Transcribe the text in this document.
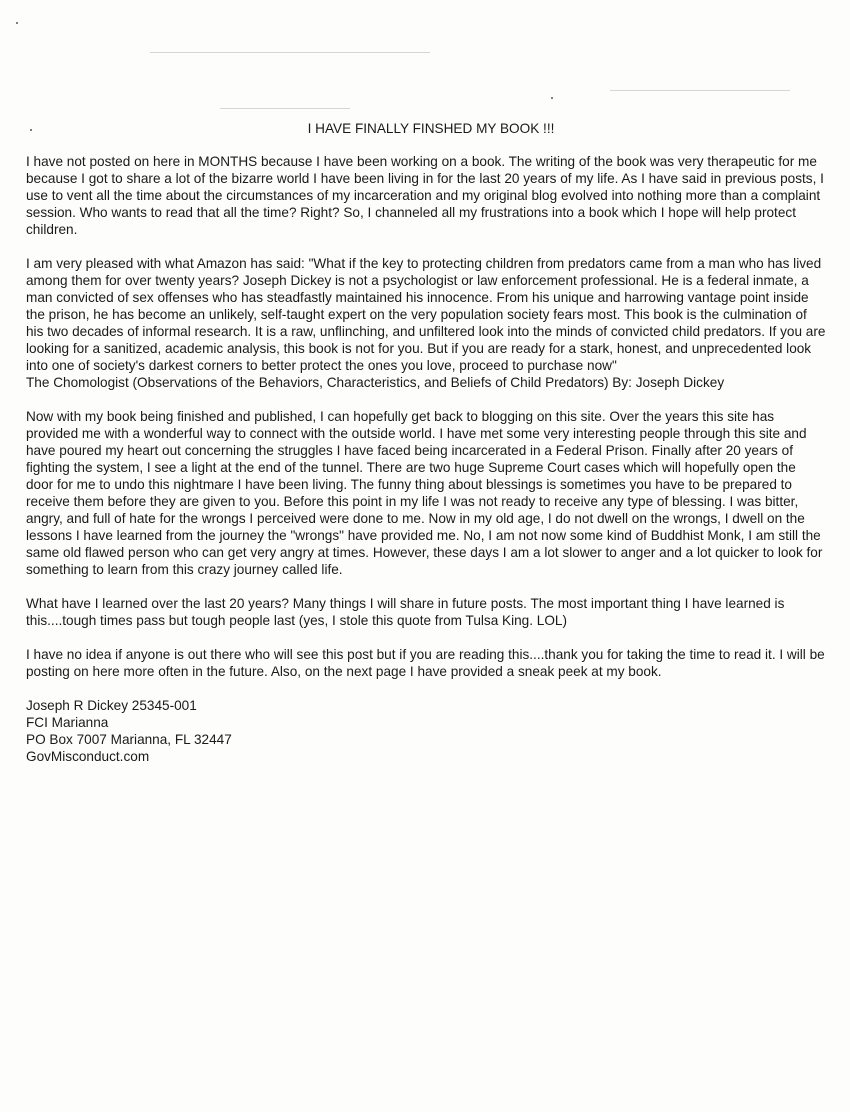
I HAVE FINALLY FINSHED MY BOOK !!!

I have not posted on here in MONTHS because I have been working on a book. The writing of the book was very therapeutic for me because I got to share a lot of the bizarre world I have been living in for the last 20 years of my life. As I have said in previous posts, I use to vent all the time about the circumstances of my incarceration and my original blog evolved into nothing more than a complaint session. Who wants to read that all the time? Right? So, I channeled all my frustrations into a book which I hope will help protect children.

I am very pleased with what Amazon has said: "What if the key to protecting children from predators came from a man who has lived among them for over twenty years? Joseph Dickey is not a psychologist or law enforcement professional. He is a federal inmate, a man convicted of sex offenses who has steadfastly maintained his innocence. From his unique and harrowing vantage point inside the prison, he has become an unlikely, self-taught expert on the very population society fears most. This book is the culmination of his two decades of informal research. It is a raw, unflinching, and unfiltered look into the minds of convicted child predators. If you are looking for a sanitized, academic analysis, this book is not for you. But if you are ready for a stark, honest, and unprecedented look into one of society's darkest corners to better protect the ones you love, proceed to purchase now"

The Chomologist (Observations of the Behaviors, Characteristics, and Beliefs of Child Predators) By: Joseph Dickey

Now with my book being finished and published, I can hopefully get back to blogging on this site. Over the years this site has provided me with a wonderful way to connect with the outside world. I have met some very interesting people through this site and have poured my heart out concerning the struggles I have faced being incarcerated in a Federal Prison. Finally after 20 years of fighting the system, I see a light at the end of the tunnel. There are two huge Supreme Court cases which will hopefully open the door for me to undo this nightmare I have been living. The funny thing about blessings is sometimes you have to be prepared to receive them before they are given to you. Before this point in my life I was not ready to receive any type of blessing. I was bitter, angry, and full of hate for the wrongs I perceived were done to me. Now in my old age, I do not dwell on the wrongs, I dwell on the lessons I have learned from the journey the "wrongs" have provided me. No, I am not now some kind of Buddhist Monk, I am still the same old flawed person who can get very angry at times. However, these days I am a lot slower to anger and a lot quicker to look for something to learn from this crazy journey called life.

What have I learned over the last 20 years? Many things I will share in future posts. The most important thing I have learned is this....tough times pass but tough people last (yes, I stole this quote from Tulsa King. LOL)

I have no idea if anyone is out there who will see this post but if you are reading this....thank you for taking the time to read it. I will be posting on here more often in the future. Also, on the next page I have provided a sneak peek at my book.

Joseph R Dickey 25345-001
FCI Marianna
PO Box 7007 Marianna, FL 32447
GovMisconduct.com
